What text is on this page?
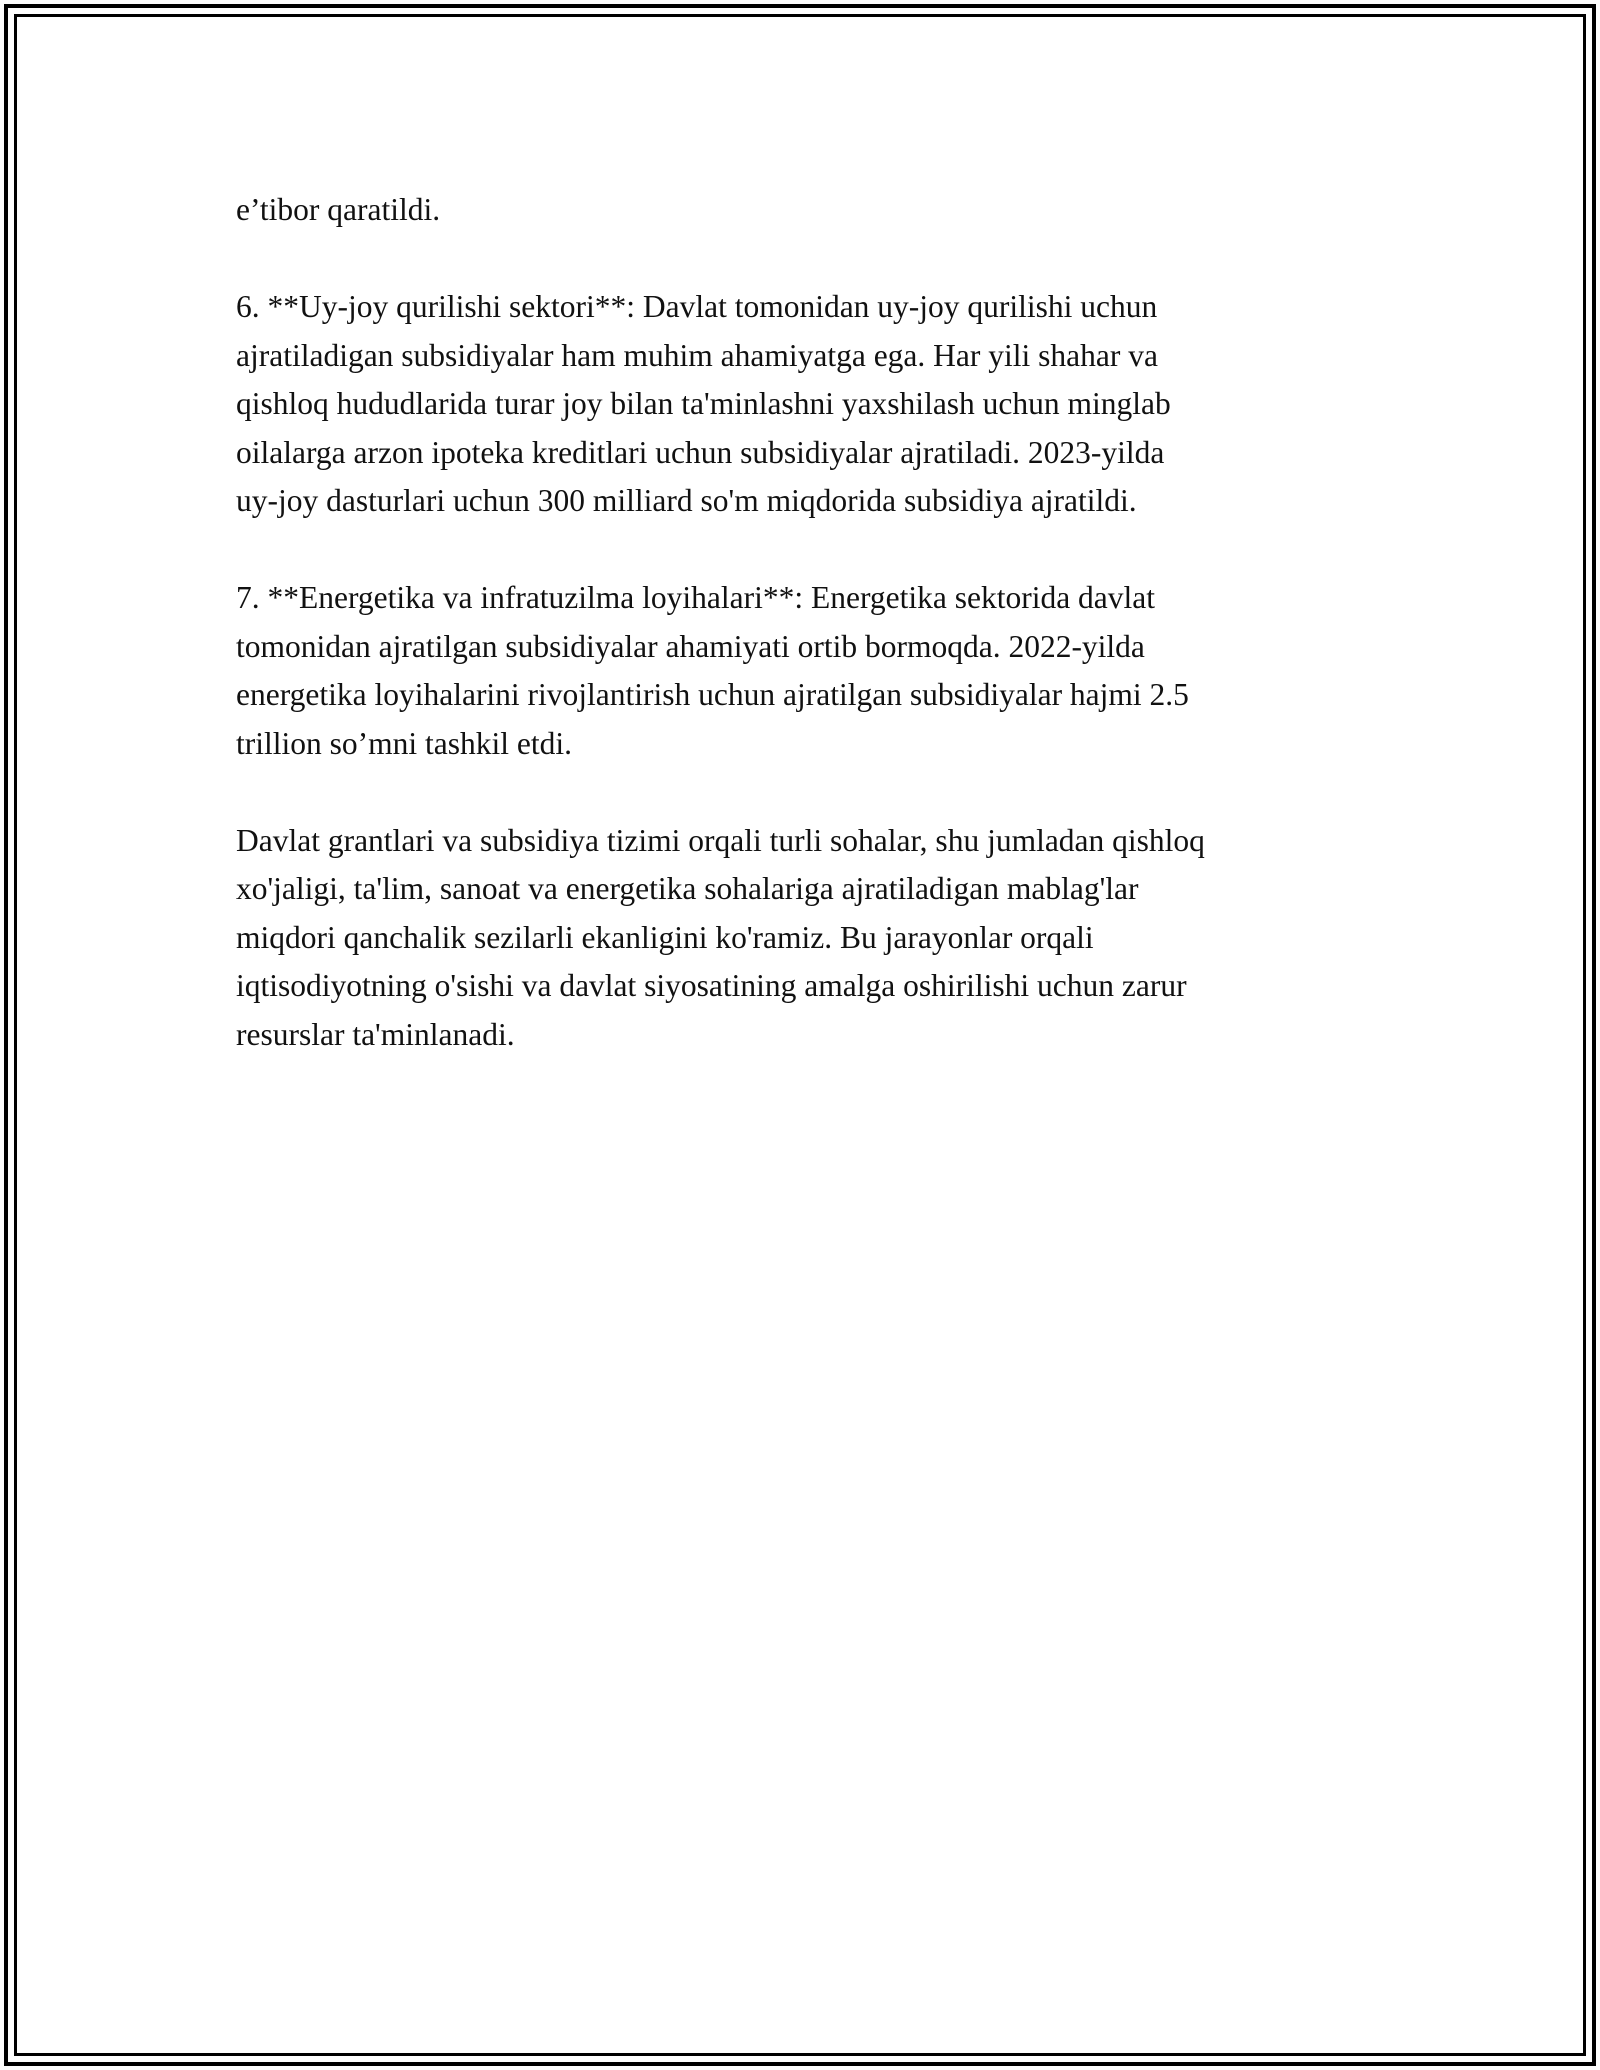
e’tibor qaratildi.

6. **Uy-joy qurilishi sektori**: Davlat tomonidan uy-joy qurilishi uchun
ajratiladigan subsidiyalar ham muhim ahamiyatga ega. Har yili shahar va
qishloq hududlarida turar joy bilan ta'minlashni yaxshilash uchun minglab
oilalarga arzon ipoteka kreditlari uchun subsidiyalar ajratiladi. 2023-yilda
uy-joy dasturlari uchun 300 milliard so'm miqdorida subsidiya ajratildi.

7. **Energetika va infratuzilma loyihalari**: Energetika sektorida davlat
tomonidan ajratilgan subsidiyalar ahamiyati ortib bormoqda. 2022-yilda
energetika loyihalarini rivojlantirish uchun ajratilgan subsidiyalar hajmi 2.5
trillion so’mni tashkil etdi.

Davlat grantlari va subsidiya tizimi orqali turli sohalar, shu jumladan qishloq
xo'jaligi, ta'lim, sanoat va energetika sohalariga ajratiladigan mablag'lar
miqdori qanchalik sezilarli ekanligini ko'ramiz. Bu jarayonlar orqali
iqtisodiyotning o'sishi va davlat siyosatining amalga oshirilishi uchun zarur
resurslar ta'minlanadi.
